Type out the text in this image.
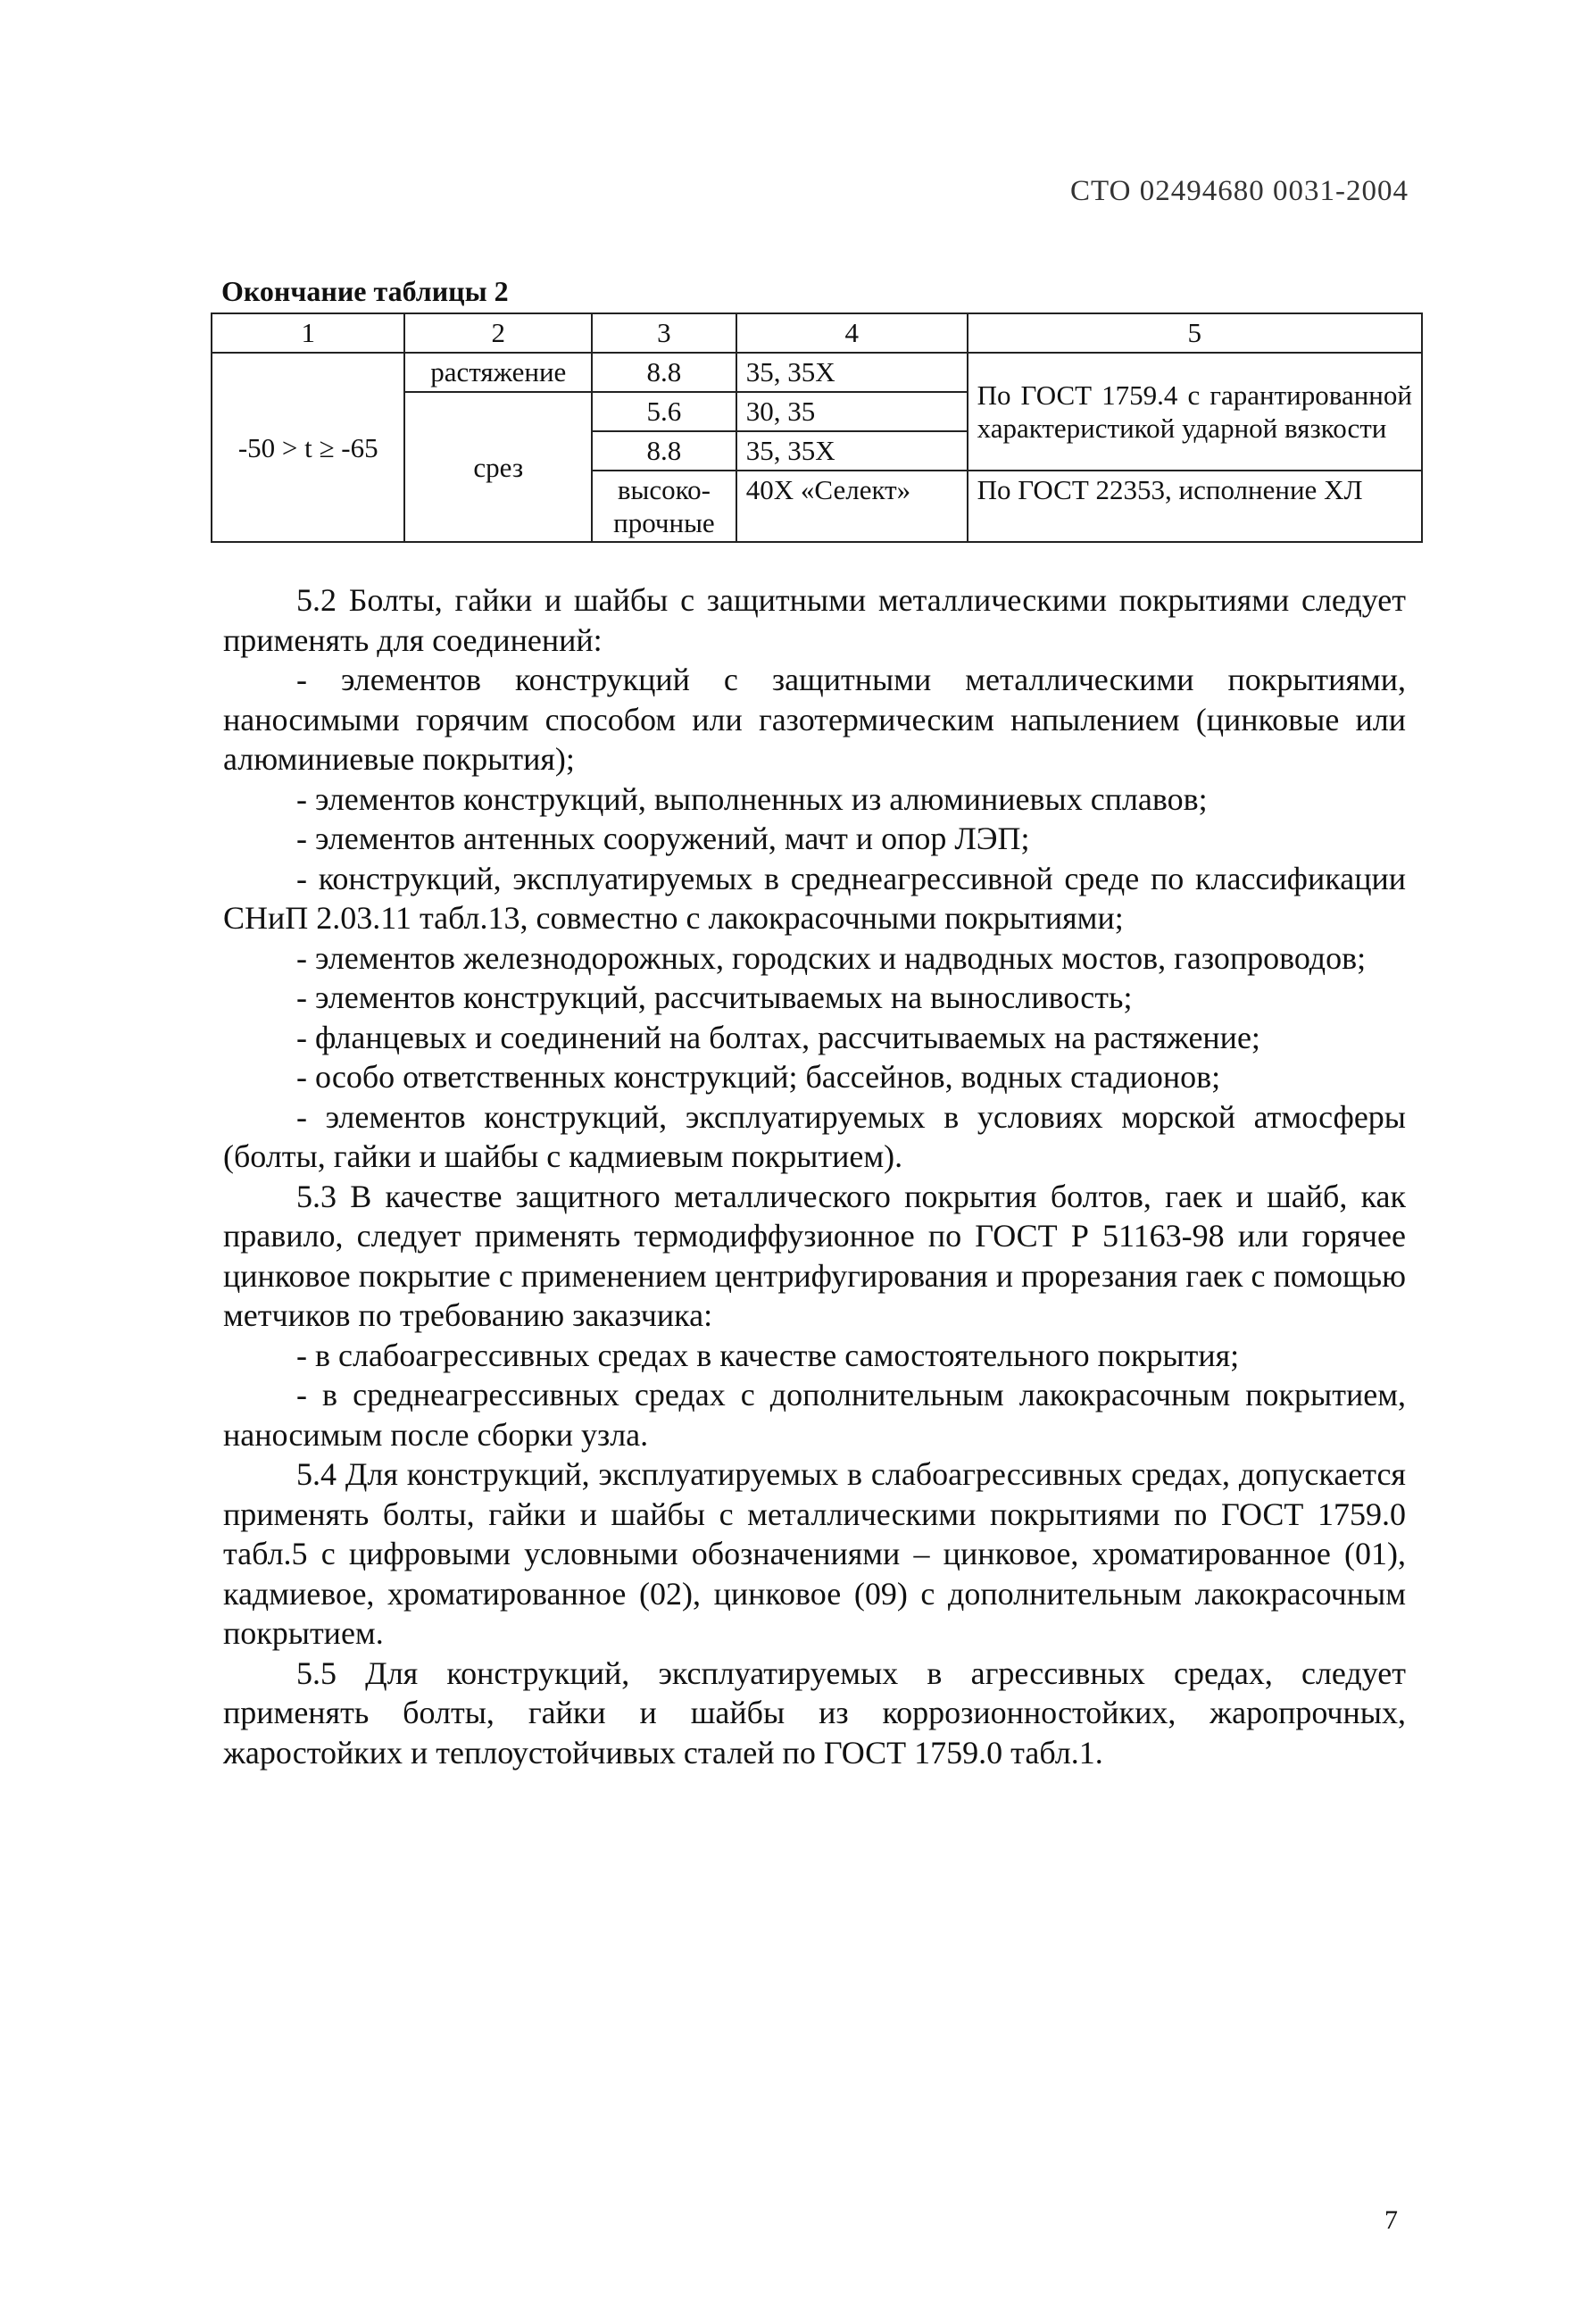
СТО 02494680 0031-2004
Окончание таблицы 2
1	2	3	4	5
-50 > t ≥ -65	растяжение	8.8	35, 35Х	По ГОСТ 1759.4 с гарантированной характеристикой ударной вязкости
	срез	5.6	30, 35	
		8.8	35, 35Х	
		высоко-прочные	40Х «Селект»	По ГОСТ 22353, исполнение ХЛ

5.2 Болты, гайки и шайбы с защитными металлическими покрытиями следует применять для соединений:

- элементов конструкций с защитными металлическими покрытиями, наносимыми горячим способом или газотермическим напылением (цинковые или алюминиевые покрытия);

- элементов конструкций, выполненных из алюминиевых сплавов;

- элементов антенных сооружений, мачт и опор ЛЭП;

- конструкций, эксплуатируемых в среднеагрессивной среде по классификации СНиП 2.03.11 табл.13, совместно с лакокрасочными покрытиями;

- элементов железнодорожных, городских и надводных мостов, газопроводов;

- элементов конструкций, рассчитываемых на выносливость;

- фланцевых и соединений на болтах, рассчитываемых на растяжение;

- особо ответственных конструкций; бассейнов, водных стадионов;

- элементов конструкций, эксплуатируемых в условиях морской атмосферы (болты, гайки и шайбы с кадмиевым покрытием).

5.3 В качестве защитного металлического покрытия болтов, гаек и шайб, как правило, следует применять термодиффузионное по ГОСТ Р 51163-98 или горячее цинковое покрытие с применением центрифугирования и прорезания гаек с помощью метчиков по требованию заказчика:

- в слабоагрессивных средах в качестве самостоятельного покрытия;

- в среднеагрессивных средах с дополнительным лакокрасочным покрытием, наносимым после сборки узла.

5.4 Для конструкций, эксплуатируемых в слабоагрессивных средах, допускается применять болты, гайки и шайбы с металлическими покрытиями по ГОСТ 1759.0 табл.5 с цифровыми условными обозначениями – цинковое, хроматированное (01), кадмиевое, хроматированное (02), цинковое (09) с дополнительным лакокрасочным покрытием.

5.5 Для конструкций, эксплуатируемых в агрессивных средах, следует применять болты, гайки и шайбы из коррозионностойких, жаропрочных, жаростойких и теплоустойчивых сталей по ГОСТ 1759.0 табл.1.

7
